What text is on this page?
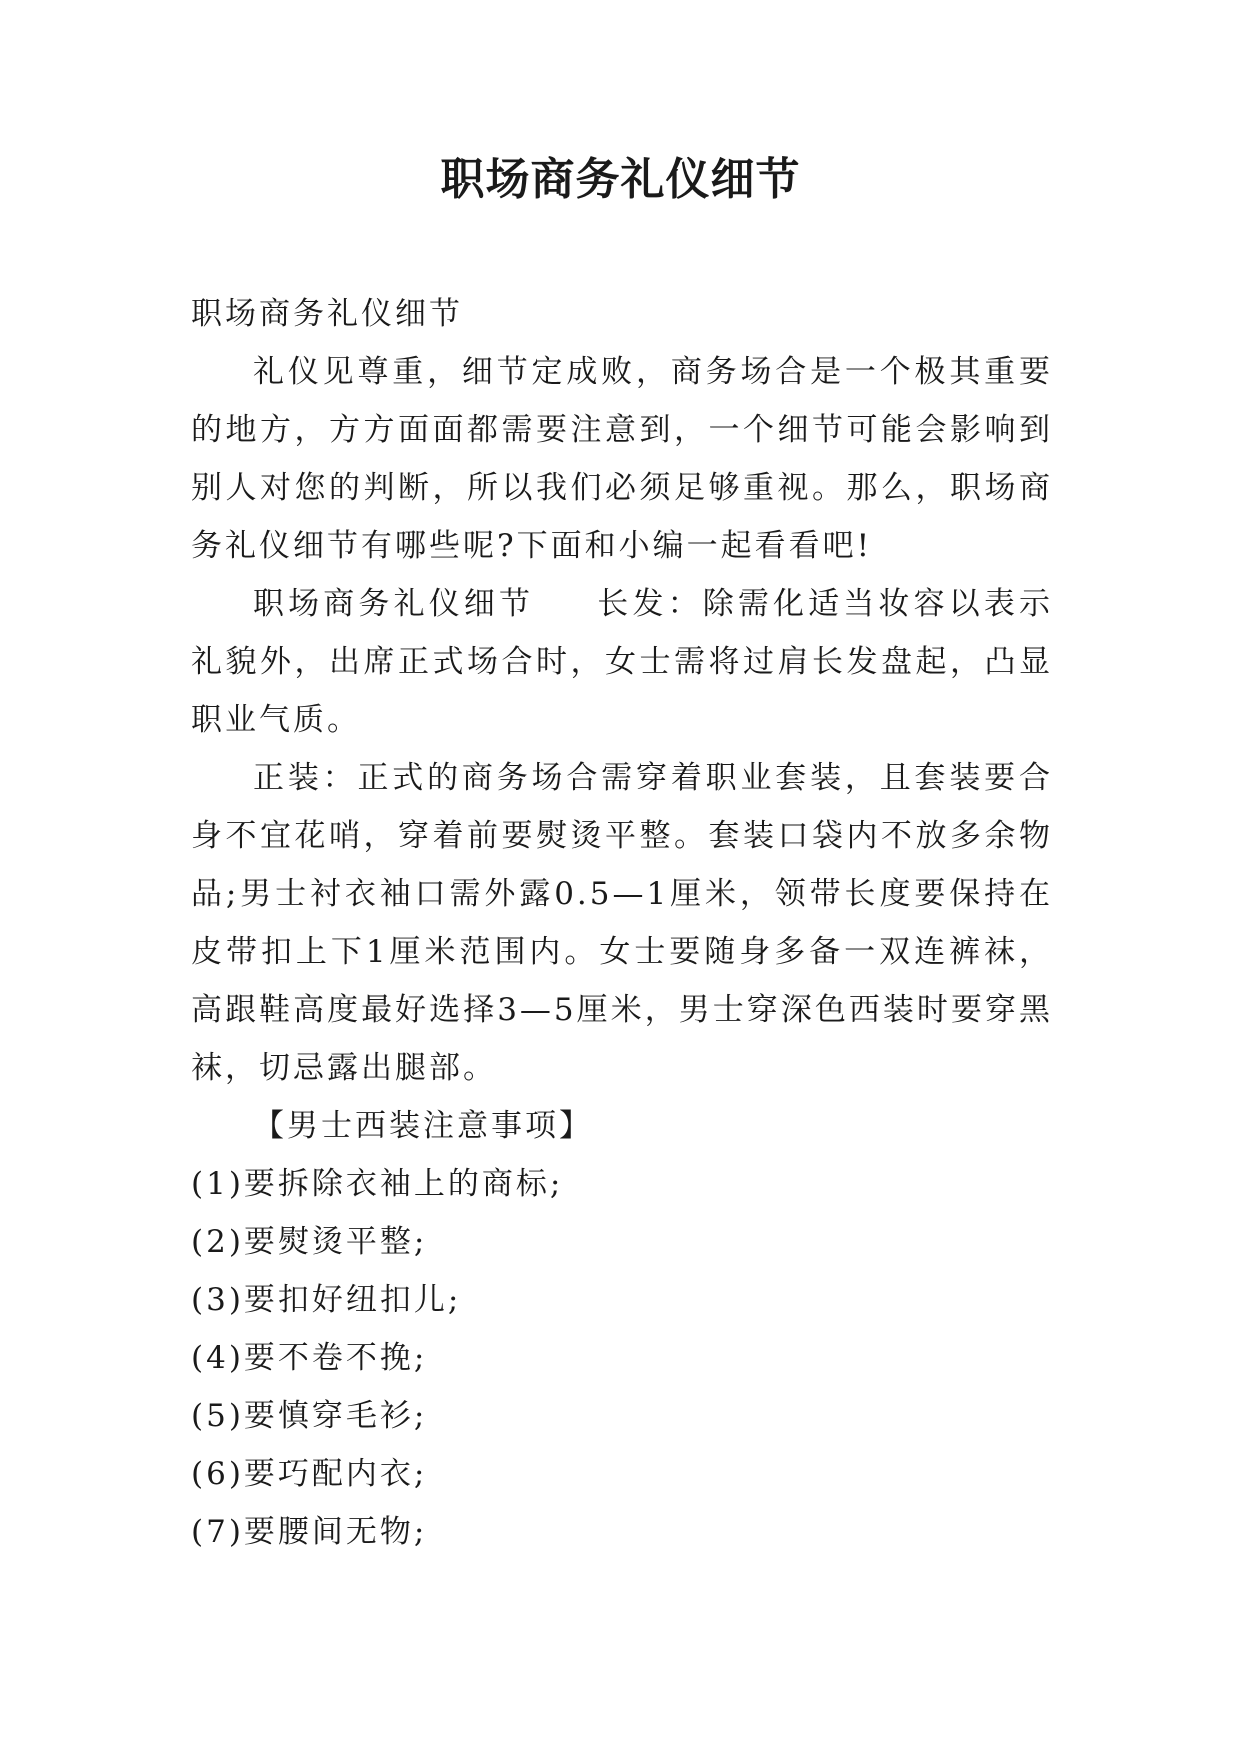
职场商务礼仪细节

职场商务礼仪细节

礼仪见尊重，细节定成败，商务场合是一个极其重要的地方，方方面面都需要注意到，一个细节可能会影响到别人对您的判断，所以我们必须足够重视。那么，职场商务礼仪细节有哪些呢?下面和小编一起看看吧!

职场商务礼仪细节 长发：除需化适当妆容以表示礼貌外，出席正式场合时，女士需将过肩长发盘起，凸显职业气质。

正装：正式的商务场合需穿着职业套装，且套装要合身不宜花哨，穿着前要熨烫平整。套装口袋内不放多余物品;男士衬衣袖口需外露0.5—1厘米，领带长度要保持在皮带扣上下1厘米范围内。女士要随身多备一双连裤袜，高跟鞋高度最好选择3—5厘米，男士穿深色西装时要穿黑袜，切忌露出腿部。

【男士西装注意事项】

(1)要拆除衣袖上的商标;

(2)要熨烫平整;

(3)要扣好纽扣儿;

(4)要不卷不挽;

(5)要慎穿毛衫;

(6)要巧配内衣;

(7)要腰间无物;
